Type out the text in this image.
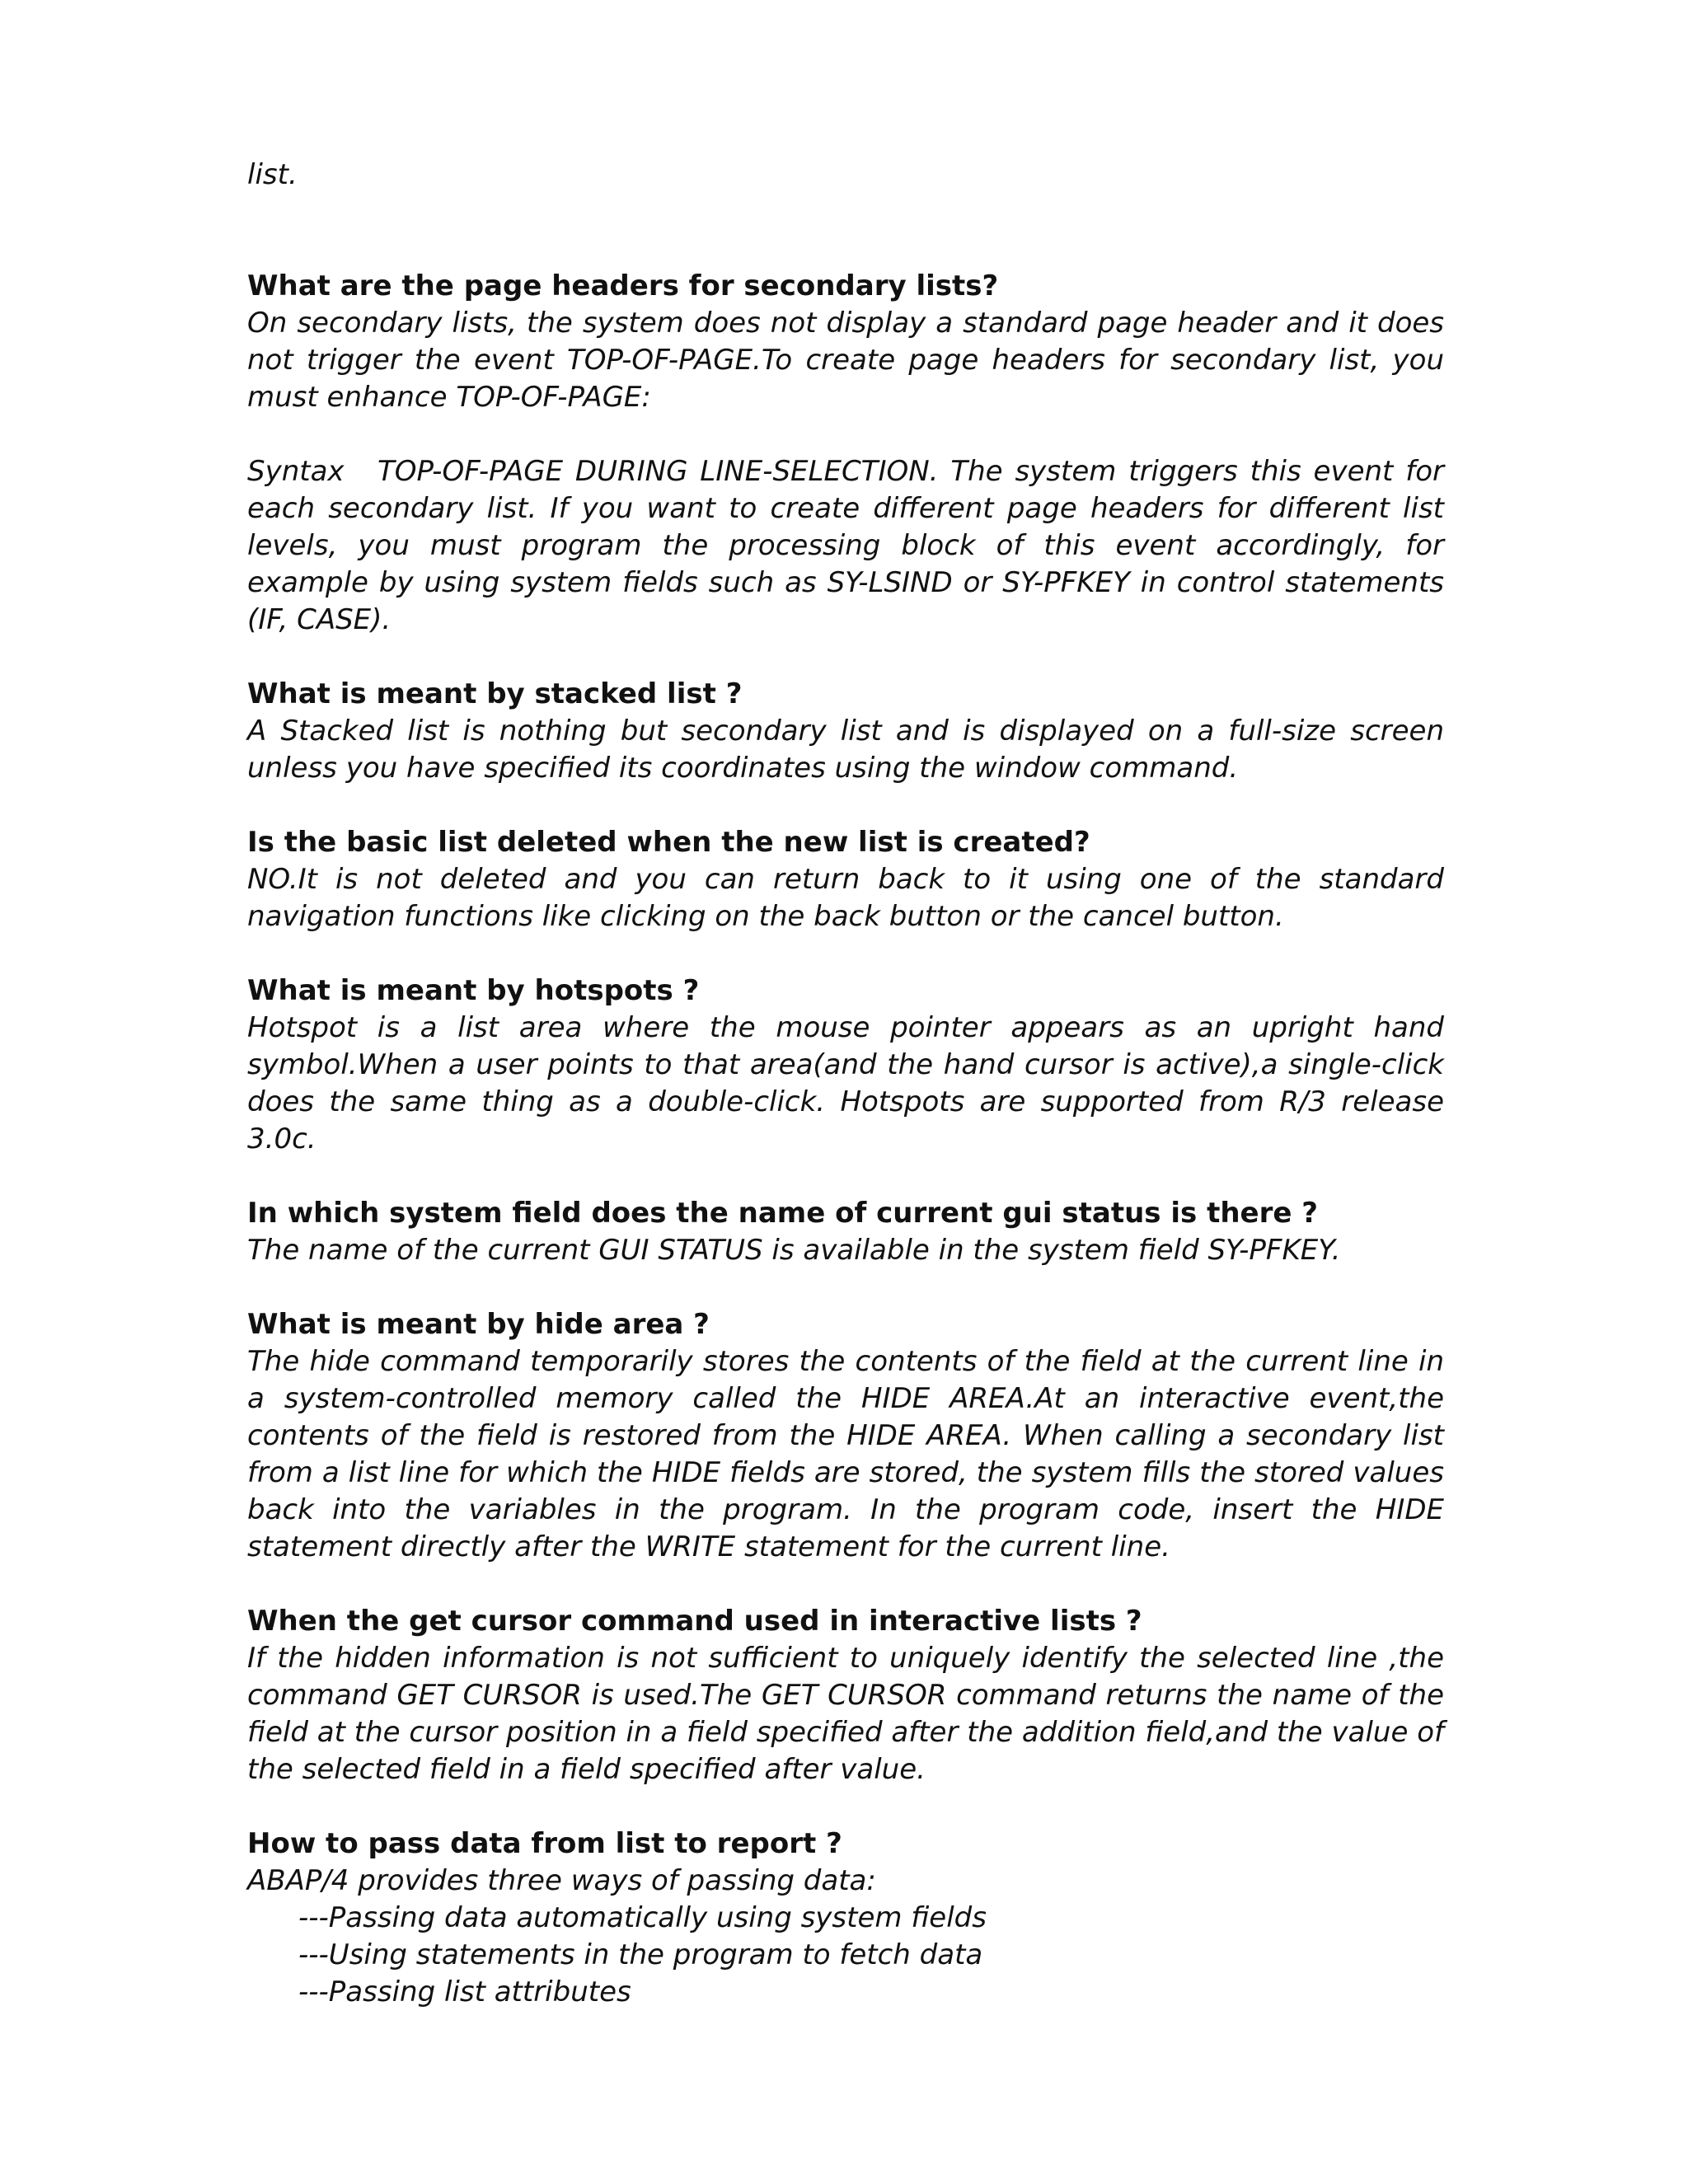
list.

What are the page headers for secondary lists?

On secondary lists, the system does not display a standard page header and it does not trigger the event TOP-OF-PAGE.To create page headers for secondary list, you must enhance TOP-OF-PAGE:

Syntax TOP-OF-PAGE DURING LINE-SELECTION. The system triggers this event for each secondary list. If you want to create different page headers for different list levels, you must program the processing block of this event accordingly, for example by using system fields such as SY-LSIND or SY-PFKEY in control statements (IF, CASE).

What is meant by stacked list ?

A Stacked list is nothing but secondary list and is displayed on a full-size screen unless you have specified its coordinates using the window command.

Is the basic list deleted when the new list is created?

NO.It is not deleted and you can return back to it using one of the standard navigation functions like clicking on the back button or the cancel button.

What is meant by hotspots ?

Hotspot is a list area where the mouse pointer appears as an upright hand symbol.When a user points to that area(and the hand cursor is active),a single-click does the same thing as a double-click. Hotspots are supported from R/3 release 3.0c.

In which system field does the name of current gui status is there ?

The name of the current GUI STATUS is available in the system field SY-PFKEY.

What is meant by hide area ?

The hide command temporarily stores the contents of the field at the current line in a system-controlled memory called the HIDE AREA.At an interactive event,the contents of the field is restored from the HIDE AREA. When calling a secondary list from a list line for which the HIDE fields are stored, the system fills the stored values back into the variables in the program. In the program code, insert the HIDE statement directly after the WRITE statement for the current line.

When the get cursor command used in interactive lists ?

If the hidden information is not sufficient to uniquely identify the selected line ,the command GET CURSOR is used.The GET CURSOR command returns the name of the field at the cursor position in a field specified after the addition field,and the value of the selected field in a field specified after value.

How to pass data from list to report ?

ABAP/4 provides three ways of passing data:

---Passing data automatically using system fields
---Using statements in the program to fetch data
---Passing list attributes
